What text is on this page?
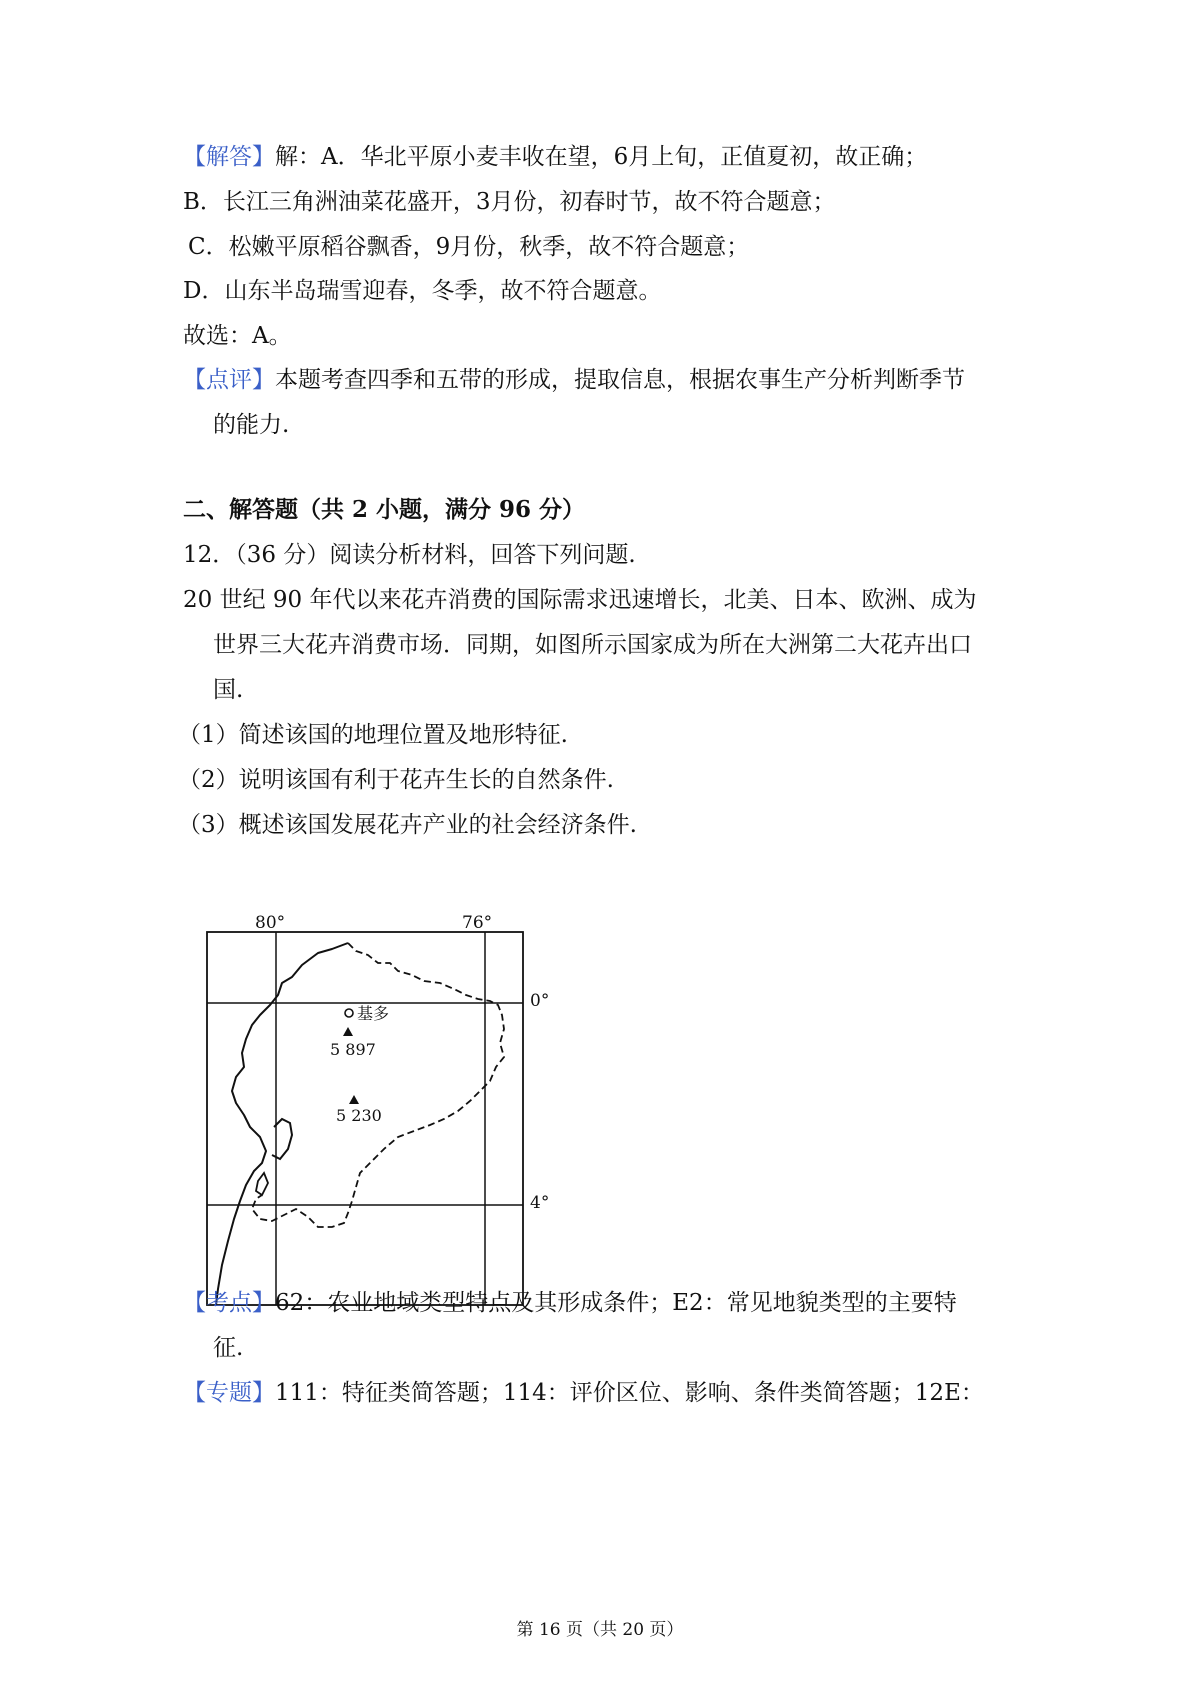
【解答】解：A．华北平原小麦丰收在望，6月上旬，正值夏初，故正确；
B．长江三角洲油菜花盛开，3月份，初春时节，故不符合题意；
C．松嫩平原稻谷飘香，9月份，秋季，故不符合题意；
D．山东半岛瑞雪迎春，冬季，故不符合题意。
故选：A。
【点评】本题考查四季和五带的形成，提取信息，根据农事生产分析判断季节
的能力.
二、解答题（共 2 小题，满分 96 分）
12．（36 分）阅读分析材料，回答下列问题.
20 世纪 90 年代以来花卉消费的国际需求迅速增长，北美、日本、欧洲、成为
世界三大花卉消费市场．同期，如图所示国家成为所在大洲第二大花卉出口
国.
（1）简述该国的地理位置及地形特征.
（2）说明该国有利于花卉生长的自然条件.
（3）概述该国发展花卉产业的社会经济条件.
80°	76°
0°
4°
基多
5 897
5 230
【考点】62：农业地域类型特点及其形成条件；E2：常见地貌类型的主要特
征.
【专题】111：特征类简答题；114：评价区位、影响、条件类简答题；12E：
第 16 页（共 20 页）
